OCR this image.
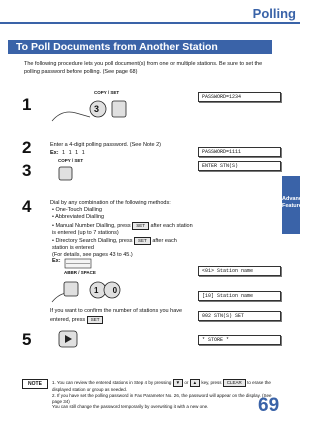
Polling
To Poll Documents from Another Station
Advanced
Features
The following procedure lets you poll document(s) from one or multiple stations. Be sure to set the polling password before polling. (See page 68)
1
COPY / SET
3
PASSWORD=1234
2	Enter a 4-digit polling password. (See Note 2)
Ex: 1 1 1 1	PASSWORD=1111
3
COPY / SET
ENTER STN(S)
4	Dial by any combination of the following methods:
• One-Touch Dialling
• Abbreviated Dialling
• Manual Number Dialling, press SET after each station is entered (up to 7 stations)
• Directory Search Dialling, press SET after each station is entered
(For details, see pages 43 to 45.)
Ex:
ABBR / SPACE
1 0
If you want to confirm the number of stations you have
entered, press SET
<01> Station name
[10] Station name
002 STN(S) SET
5	* STORE *
NOTE	1. You can review the entered stations in Step 4 by pressing ▼ or ▲ key, press CLEAR to erase the displayed station or group as needed.
2. If you have set the polling password in Fax Parameter No. 26, the password will appear on the display. (See page 34)
You can still change the password temporarily by overwriting it with a new one.	69
